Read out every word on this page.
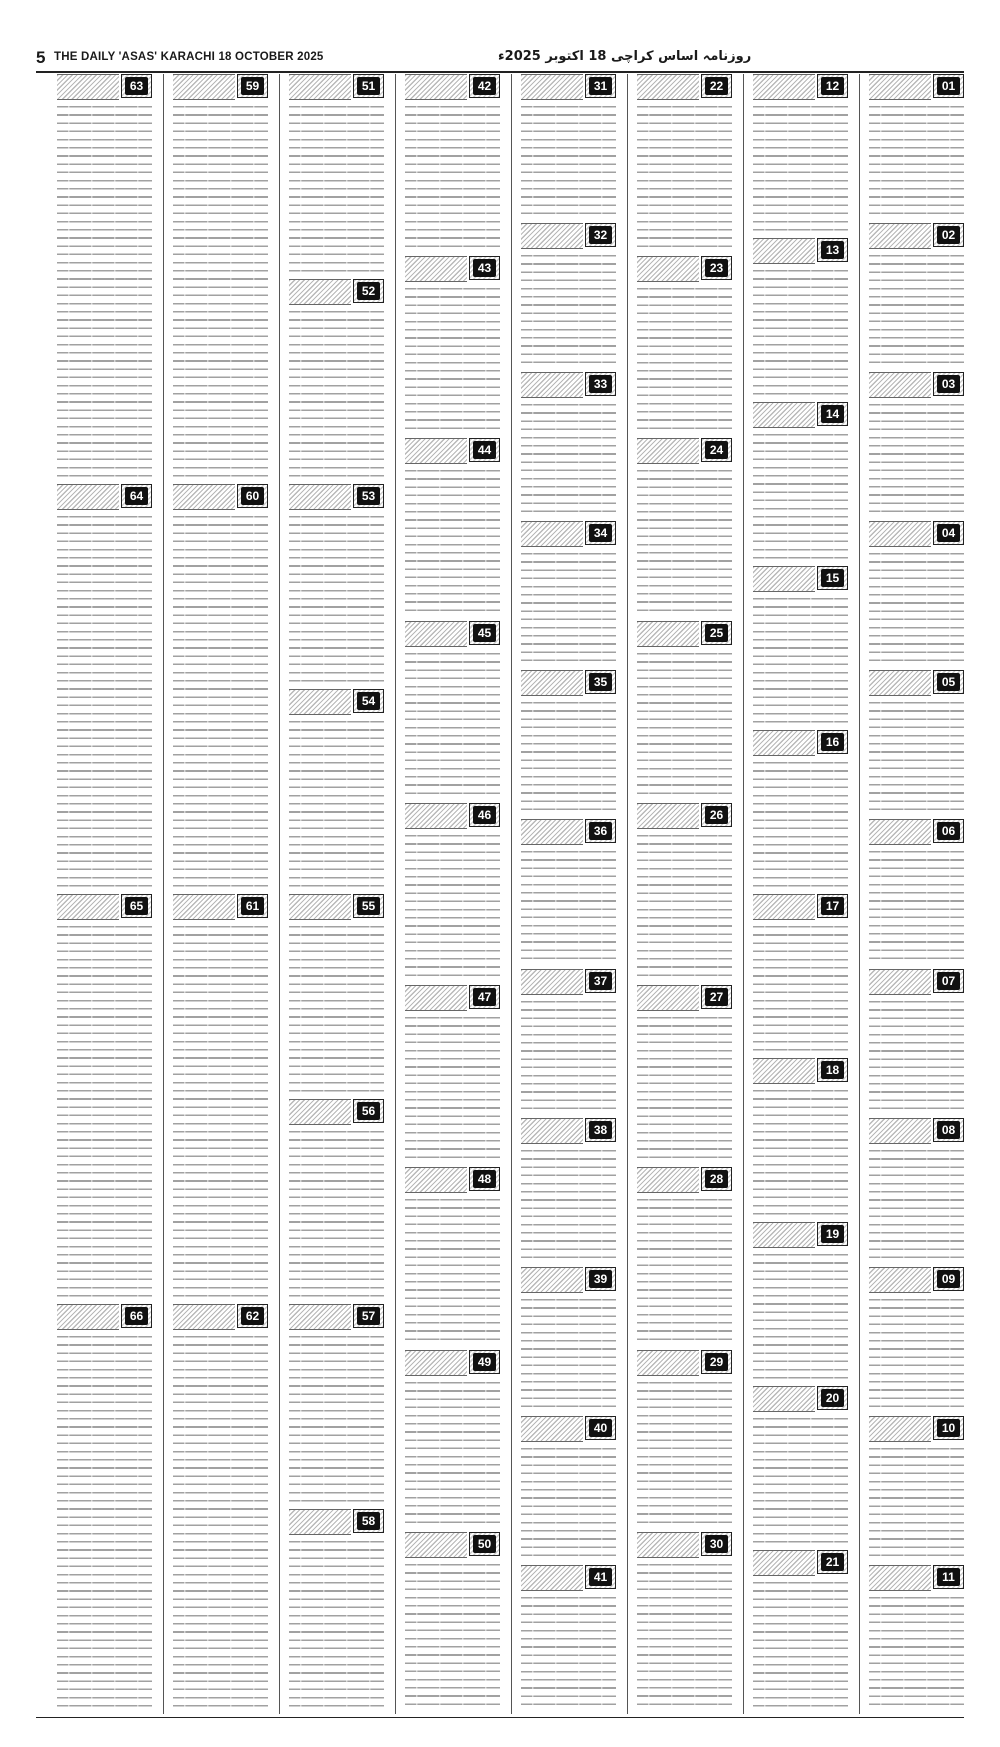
5 THE DAILY 'ASAS' KARACHI 18 OCTOBER 2025	روزنامہ اساس کراچی 18 اکتوبر 2025ء
01
02
03
04
05
06
07
08
09
10
11
12
13
14
15
16
17
18
19
20
21
22
23
24
25
26
27
28
29
30
31
32
33
34
35
36
37
38
39
40
41
42
43
44
45
46
47
48
49
50
51
52
53
54
55
56
57
58
59
60
61
62
63
64
65
66
